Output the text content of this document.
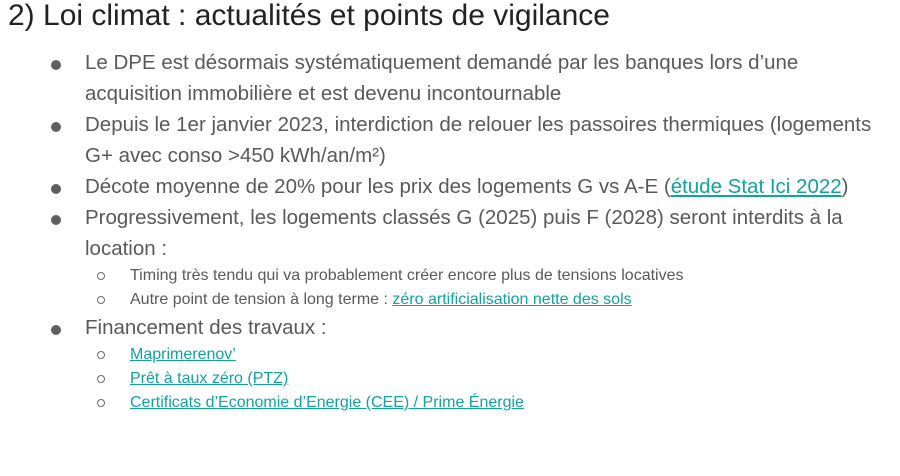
2) Loi climat : actualités et points de vigilance
Le DPE est désormais systématiquement demandé par les banques lors d’une acquisition immobilière et est devenu incontournable
Depuis le 1er janvier 2023, interdiction de relouer les passoires thermiques (logements G+ avec conso >450 kWh/an/m²)
Décote moyenne de 20% pour les prix des logements G vs A-E (étude Stat Ici 2022)
Progressivement, les logements classés G (2025) puis F (2028) seront interdits à la location :
Timing très tendu qui va probablement créer encore plus de tensions locatives
Autre point de tension à long terme : zéro artificialisation nette des sols
Financement des travaux :
Maprimerenov’
Prêt à taux zéro (PTZ)
Certificats d’Economie d’Energie (CEE) / Prime Énergie
